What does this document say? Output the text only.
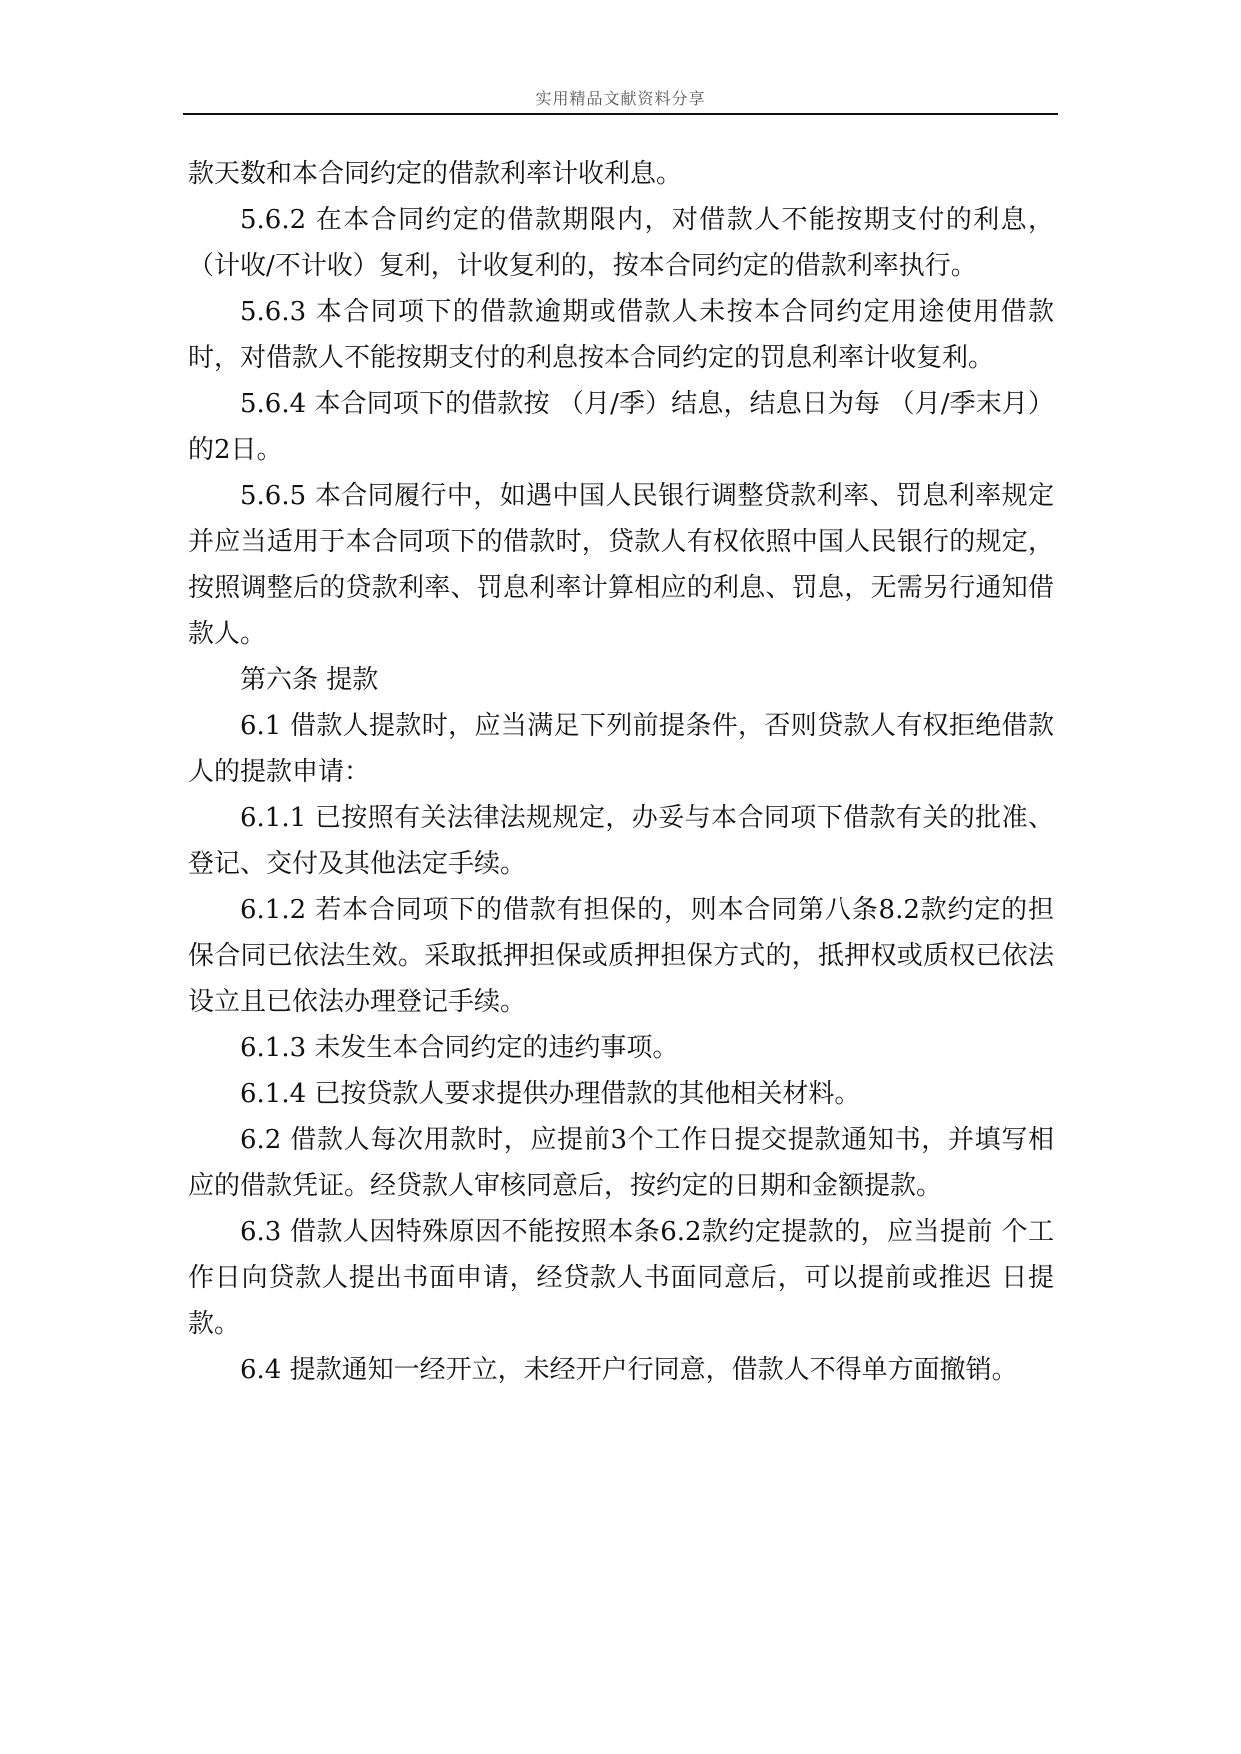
实用精品文献资料分享

款天数和本合同约定的借款利率计收利息。

5.6.2 在本合同约定的借款期限内，对借款人不能按期支付的利息，（计收/不计收）复利，计收复利的，按本合同约定的借款利率执行。

5.6.3 本合同项下的借款逾期或借款人未按本合同约定用途使用借款时，对借款人不能按期支付的利息按本合同约定的罚息利率计收复利。

5.6.4 本合同项下的借款按 （月/季）结息，结息日为每 （月/季末月）的2日。

5.6.5 本合同履行中，如遇中国人民银行调整贷款利率、罚息利率规定并应当适用于本合同项下的借款时，贷款人有权依照中国人民银行的规定，按照调整后的贷款利率、罚息利率计算相应的利息、罚息，无需另行通知借款人。

第六条 提款

6.1 借款人提款时，应当满足下列前提条件，否则贷款人有权拒绝借款人的提款申请：

6.1.1 已按照有关法律法规规定，办妥与本合同项下借款有关的批准、登记、交付及其他法定手续。

6.1.2 若本合同项下的借款有担保的，则本合同第八条8.2款约定的担保合同已依法生效。采取抵押担保或质押担保方式的，抵押权或质权已依法设立且已依法办理登记手续。

6.1.3 未发生本合同约定的违约事项。

6.1.4 已按贷款人要求提供办理借款的其他相关材料。

6.2 借款人每次用款时，应提前3个工作日提交提款通知书，并填写相应的借款凭证。经贷款人审核同意后，按约定的日期和金额提款。

6.3 借款人因特殊原因不能按照本条6.2款约定提款的，应当提前 个工作日向贷款人提出书面申请，经贷款人书面同意后，可以提前或推迟 日提款。

6.4 提款通知一经开立，未经开户行同意，借款人不得单方面撤销。
